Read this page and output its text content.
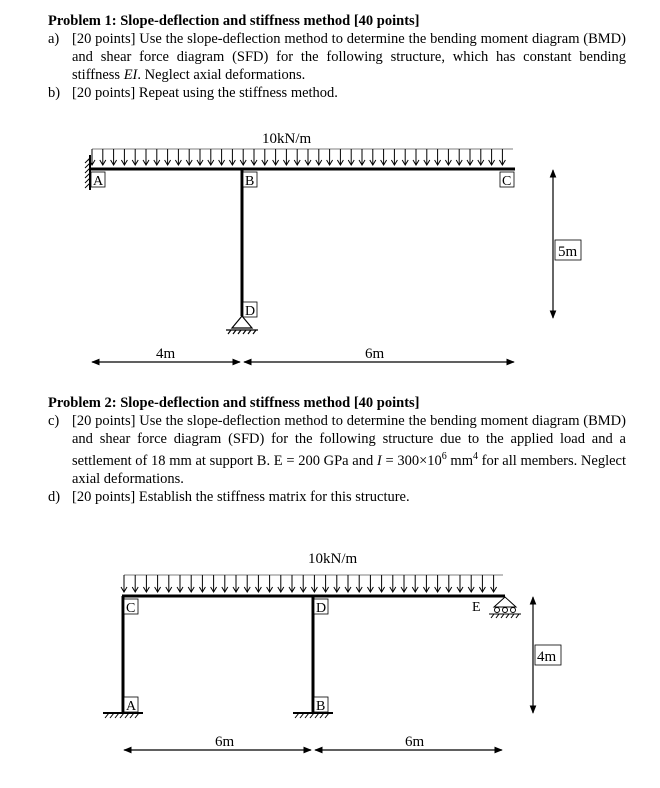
Problem 1: Slope-deflection and stiffness method [40 points]
a) [20 points] Use the slope-deflection method to determine the bending moment diagram (BMD) and shear force diagram (SFD) for the following structure, which has constant bending stiffness EI. Neglect axial deformations.
b) [20 points] Repeat using the stiffness method.
10kN/m
A	B	C
D
5m
4m	6m
Problem 2: Slope-deflection and stiffness method [40 points]
c) [20 points] Use the slope-deflection method to determine the bending moment diagram (BMD) and shear force diagram (SFD) for the following structure due to the applied load and a settlement of 18 mm at support B. E = 200 GPa and $I = 300\times 10^6$ $mm^4$ for all members. Neglect axial deformations.
d) [20 points] Establish the stiffness matrix for this structure.
10kN/m
C	D	E
A	B
4m
6m	6m
